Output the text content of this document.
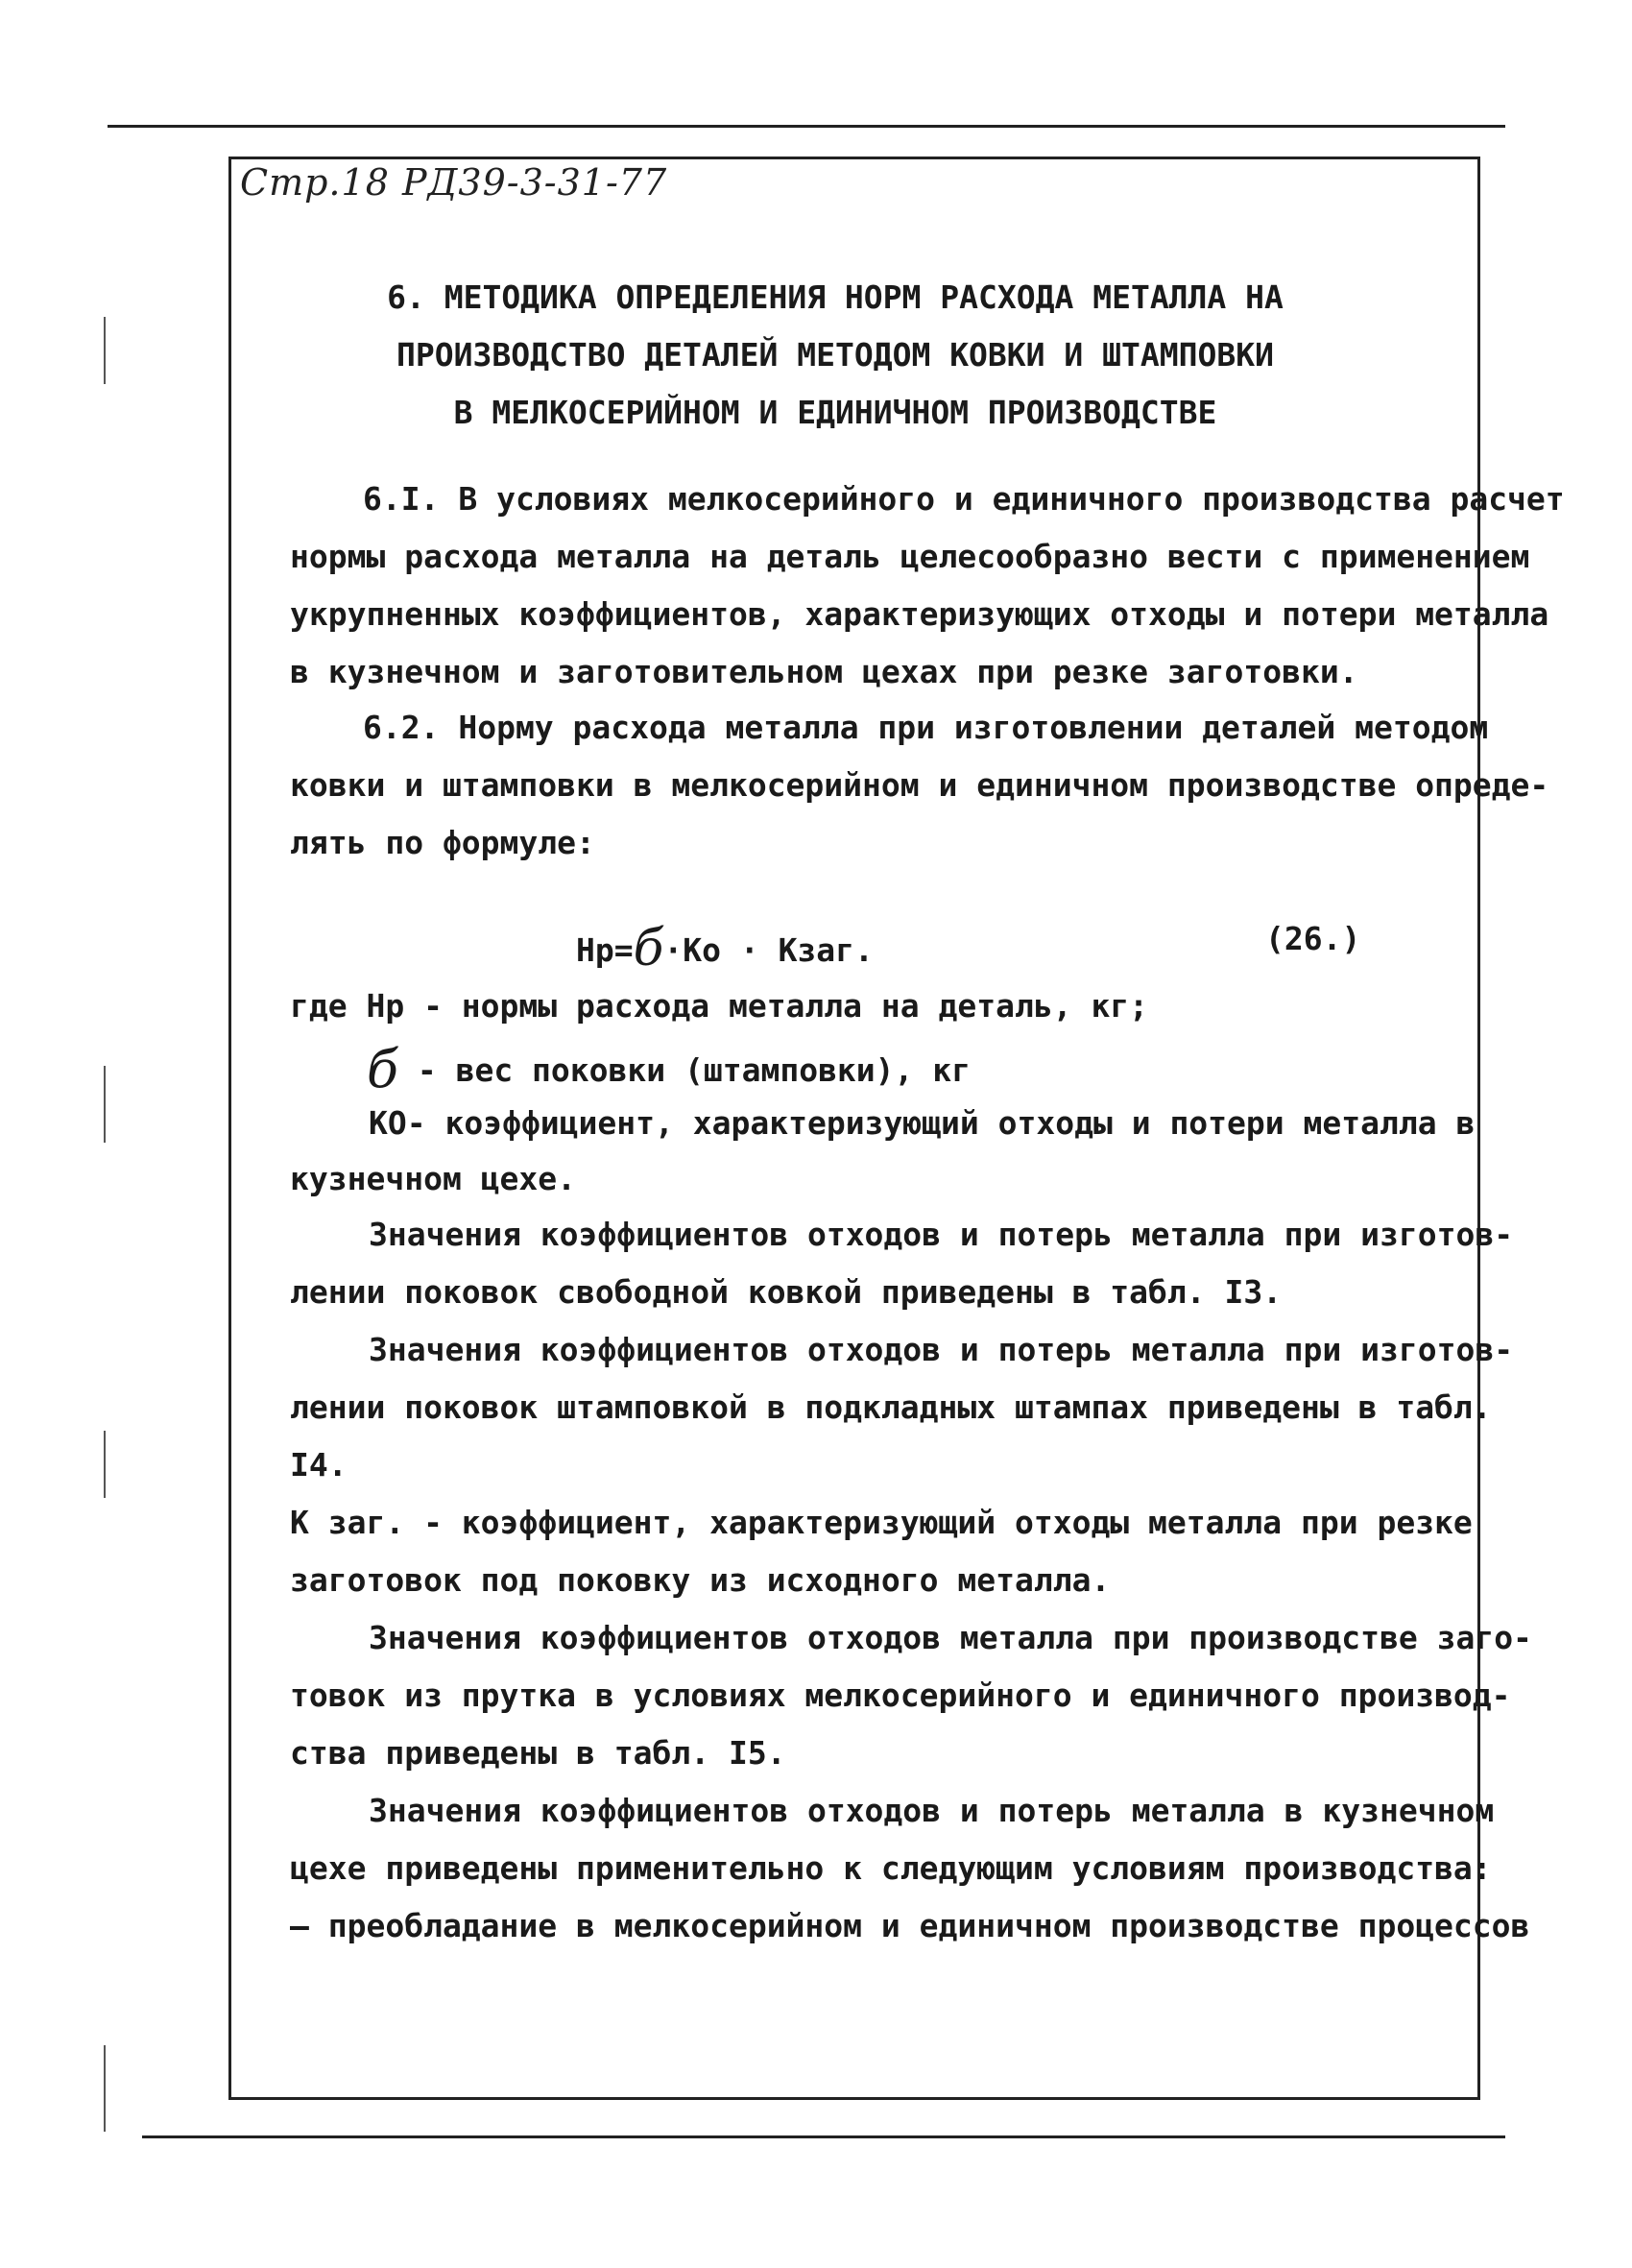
Стр.18 РД39-3-31-77
6. МЕТОДИКА ОПРЕДЕЛЕНИЯ НОРМ РАСХОДА МЕТАЛЛА НА
ПРОИЗВОДСТВО ДЕТАЛЕЙ МЕТОДОМ КОВКИ И ШТАМПОВКИ
В МЕЛКОСЕРИЙНОМ И ЕДИНИЧНОМ ПРОИЗВОДСТВЕ
6.I. В условиях мелкосерийного и единичного производства расчет
нормы расхода металла на деталь целесообразно вести с применением
укрупненных коэффициентов, характеризующих отходы и потери металла
в кузнечном и заготовительном цехах при резке заготовки.
6.2. Норму расхода металла при изготовлении деталей методом
ковки и штамповки в мелкосерийном и единичном производстве опреде-
лять по формуле:
Нр=б·Ко · Кзаг.	(26.)
где Нр - нормы расхода металла на деталь, кг;
б - вес поковки (штамповки), кг
КО- коэффициент, характеризующий отходы и потери металла в
кузнечном цехе.
Значения коэффициентов отходов и потерь металла при изготов-
лении поковок свободной ковкой приведены в табл. I3.
Значения коэффициентов отходов и потерь металла при изготов-
лении поковок штамповкой в подкладных штампах приведены в табл.
I4.
К заг. - коэффициент, характеризующий отходы металла при резке
заготовок под поковку из исходного металла.
Значения коэффициентов отходов металла при производстве заго-
товок из прутка в условиях мелкосерийного и единичного производ-
ства приведены в табл. I5.
Значения коэффициентов отходов и потерь металла в кузнечном
цехе приведены применительно к следующим условиям производства:
— преобладание в мелкосерийном и единичном производстве процессов
